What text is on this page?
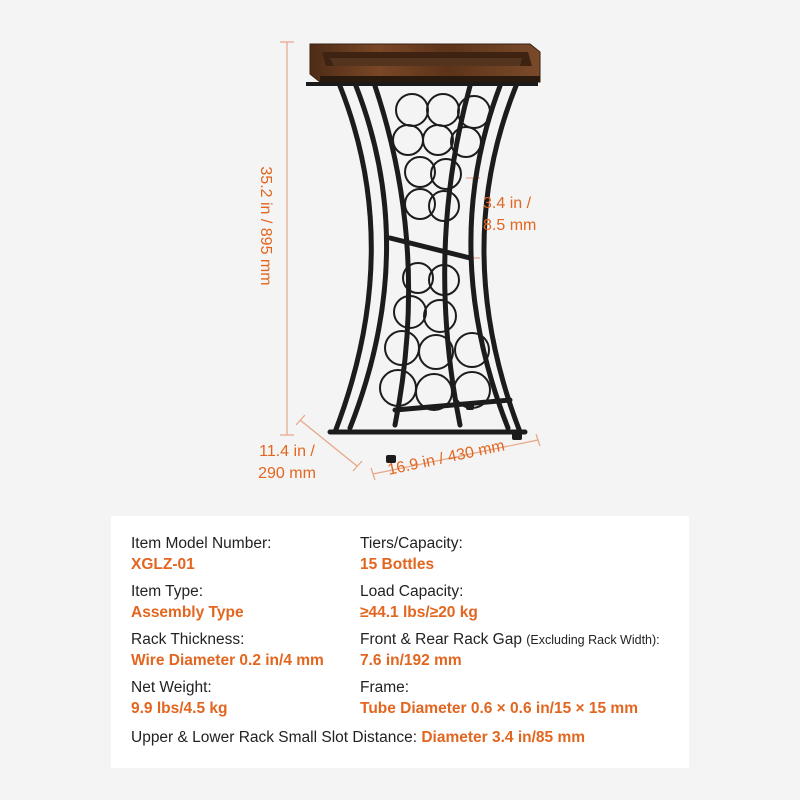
35.2 in / 895 mm	3.4 in /
8.5 mm
11.4 in /
290 mm	16.9 in / 430 mm
Item Model Number:
XGLZ-01
Item Type:
Assembly Type
Rack Thickness:
Wire Diameter 0.2 in/4 mm
Net Weight:
9.9 lbs/4.5 kg
Tiers/Capacity:
15 Bottles
Load Capacity:
≥44.1 lbs/≥20 kg
Front & Rear Rack Gap (Excluding Rack Width):
7.6 in/192 mm
Frame:
Tube Diameter 0.6 × 0.6 in/15 × 15 mm
Upper & Lower Rack Small Slot Distance: Diameter 3.4 in/85 mm
